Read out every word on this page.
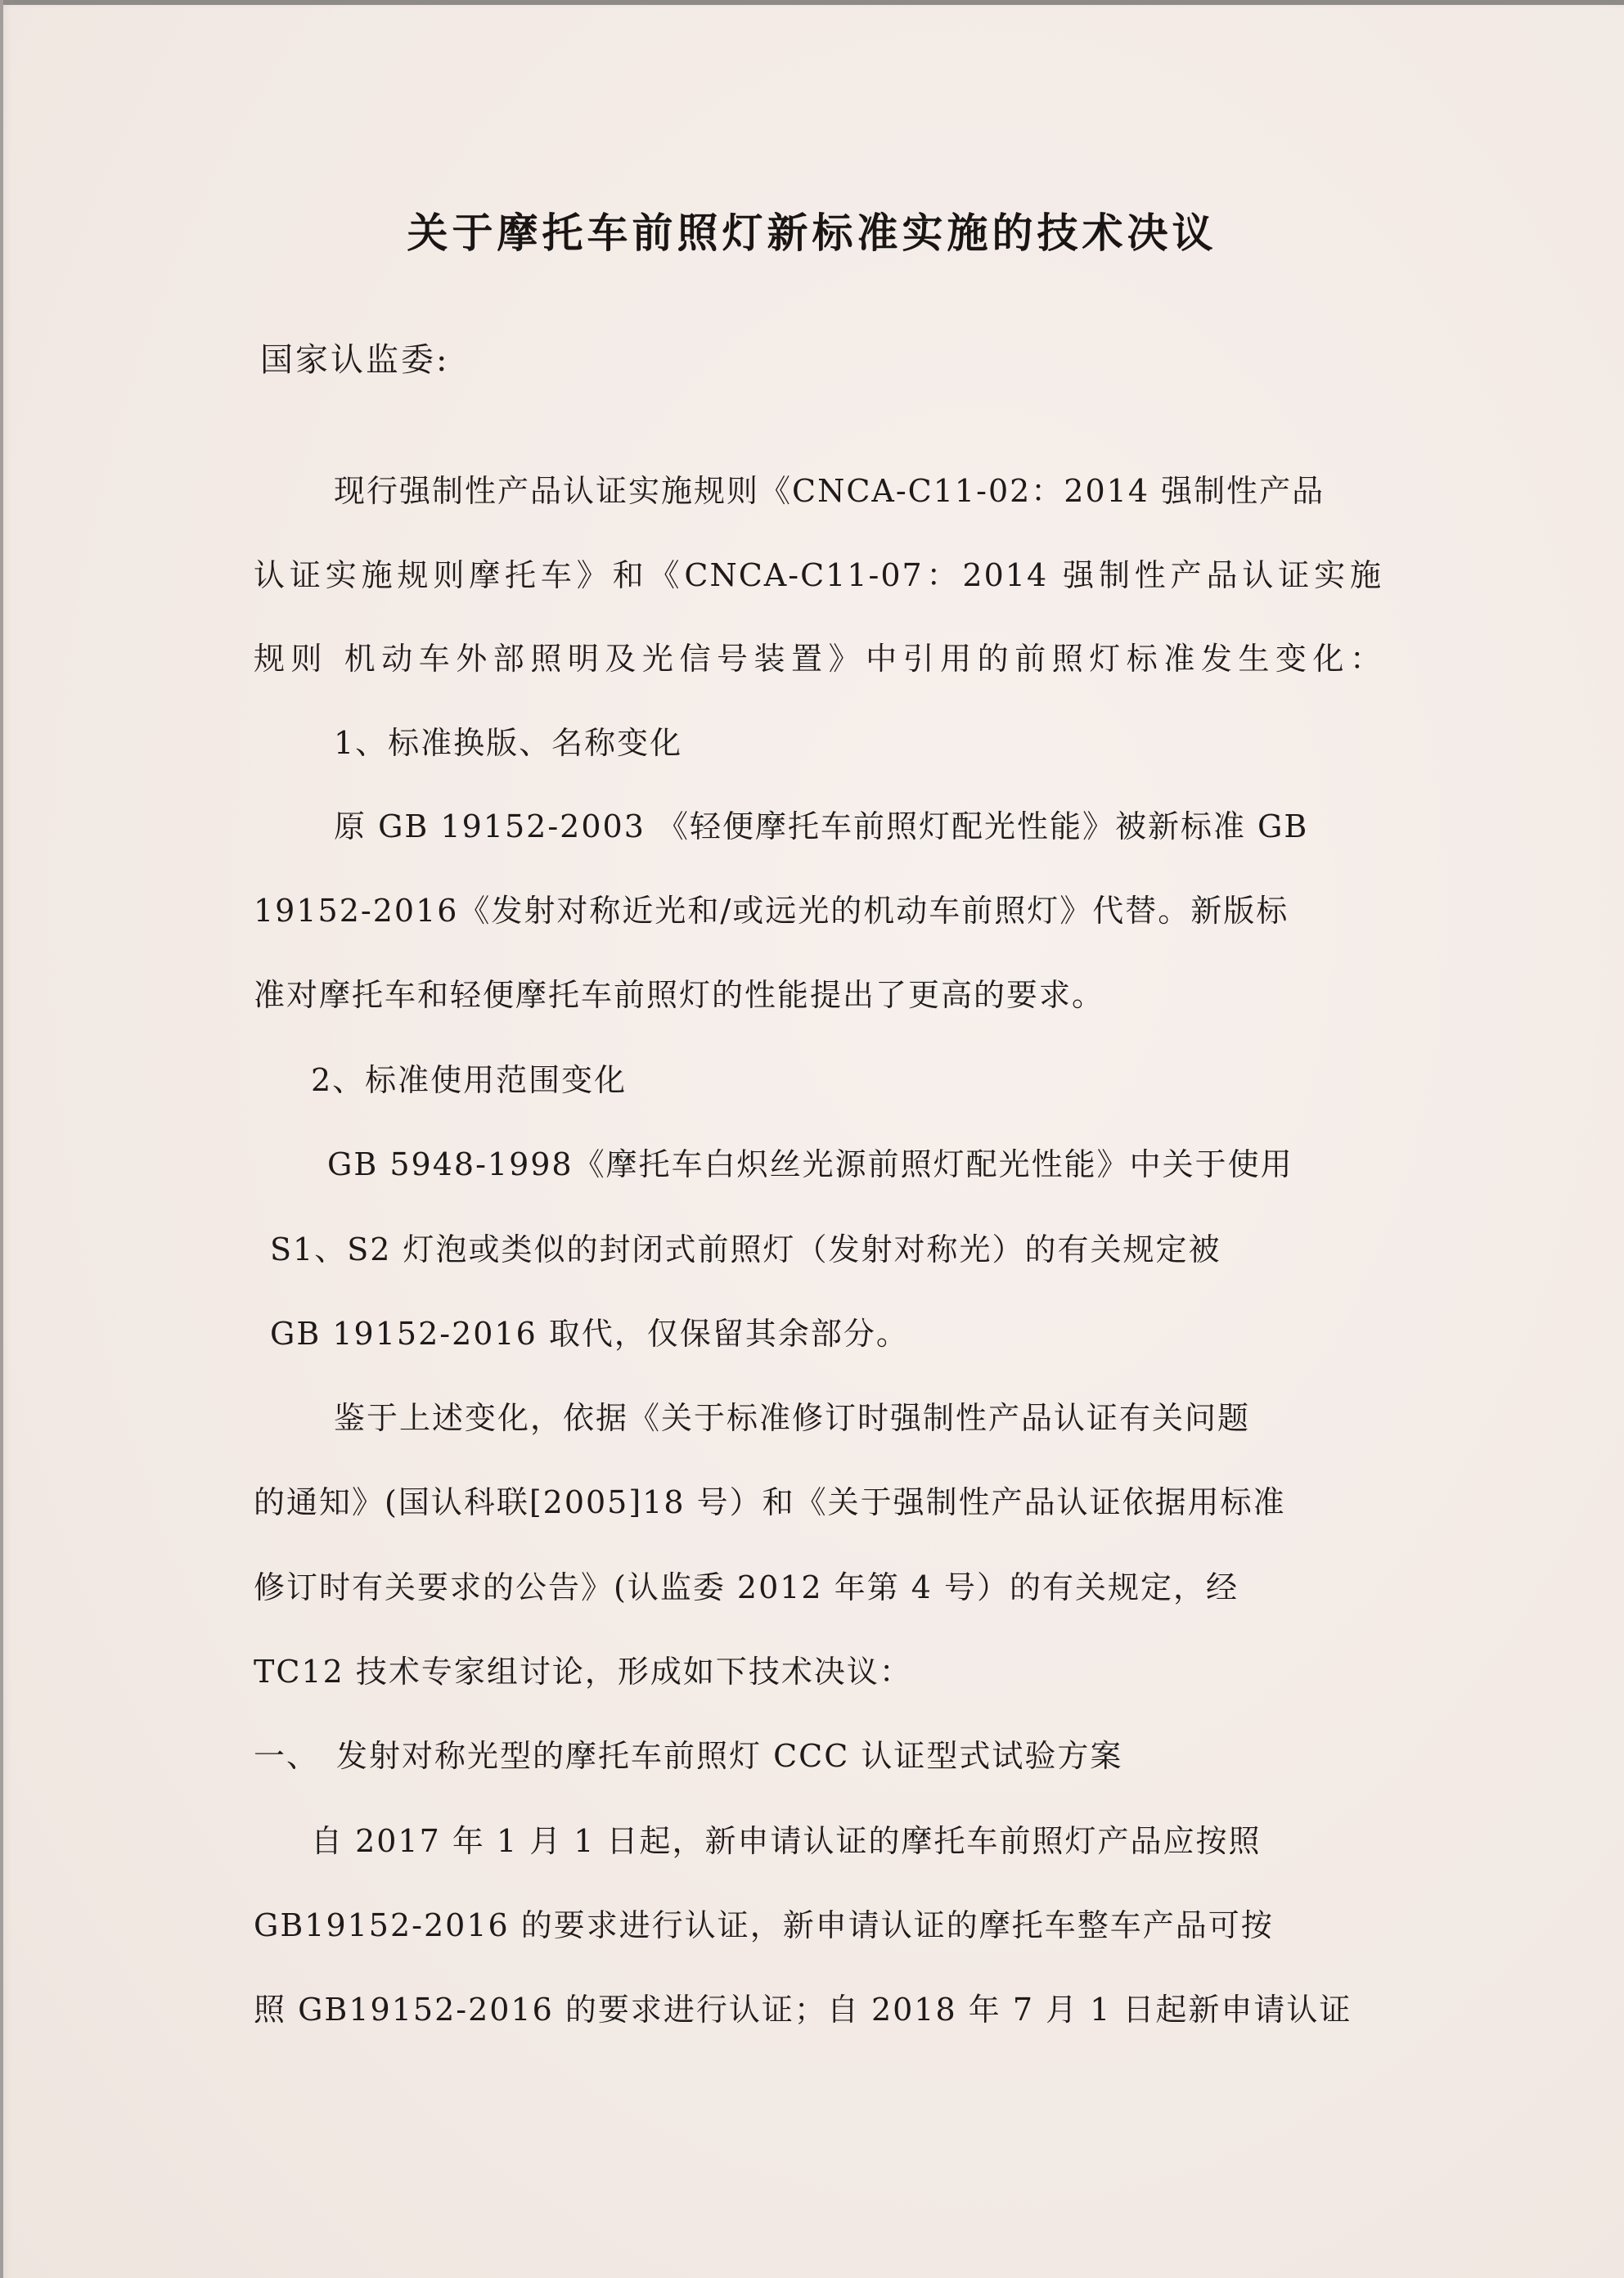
关于摩托车前照灯新标准实施的技术决议
国家认监委:
现行强制性产品认证实施规则《CNCA-C11-02：2014 强制性产品
认证实施规则摩托车》和《CNCA-C11-07：2014 强制性产品认证实施
规则 机动车外部照明及光信号装置》中引用的前照灯标准发生变化：
1、标准换版、名称变化
原 GB 19152-2003 《轻便摩托车前照灯配光性能》被新标准 GB
19152-2016《发射对称近光和/或远光的机动车前照灯》代替。新版标
准对摩托车和轻便摩托车前照灯的性能提出了更高的要求。
2、标准使用范围变化
GB 5948-1998《摩托车白炽丝光源前照灯配光性能》中关于使用
S1、S2 灯泡或类似的封闭式前照灯（发射对称光）的有关规定被
GB 19152-2016 取代，仅保留其余部分。
鉴于上述变化，依据《关于标准修订时强制性产品认证有关问题
的通知》(国认科联[2005]18 号）和《关于强制性产品认证依据用标准
修订时有关要求的公告》(认监委 2012 年第 4 号）的有关规定，经
TC12 技术专家组讨论，形成如下技术决议：
一、　发射对称光型的摩托车前照灯 CCC 认证型式试验方案
自 2017 年 1 月 1 日起，新申请认证的摩托车前照灯产品应按照
GB19152-2016 的要求进行认证，新申请认证的摩托车整车产品可按
照 GB19152-2016 的要求进行认证；自 2018 年 7 月 1 日起新申请认证
